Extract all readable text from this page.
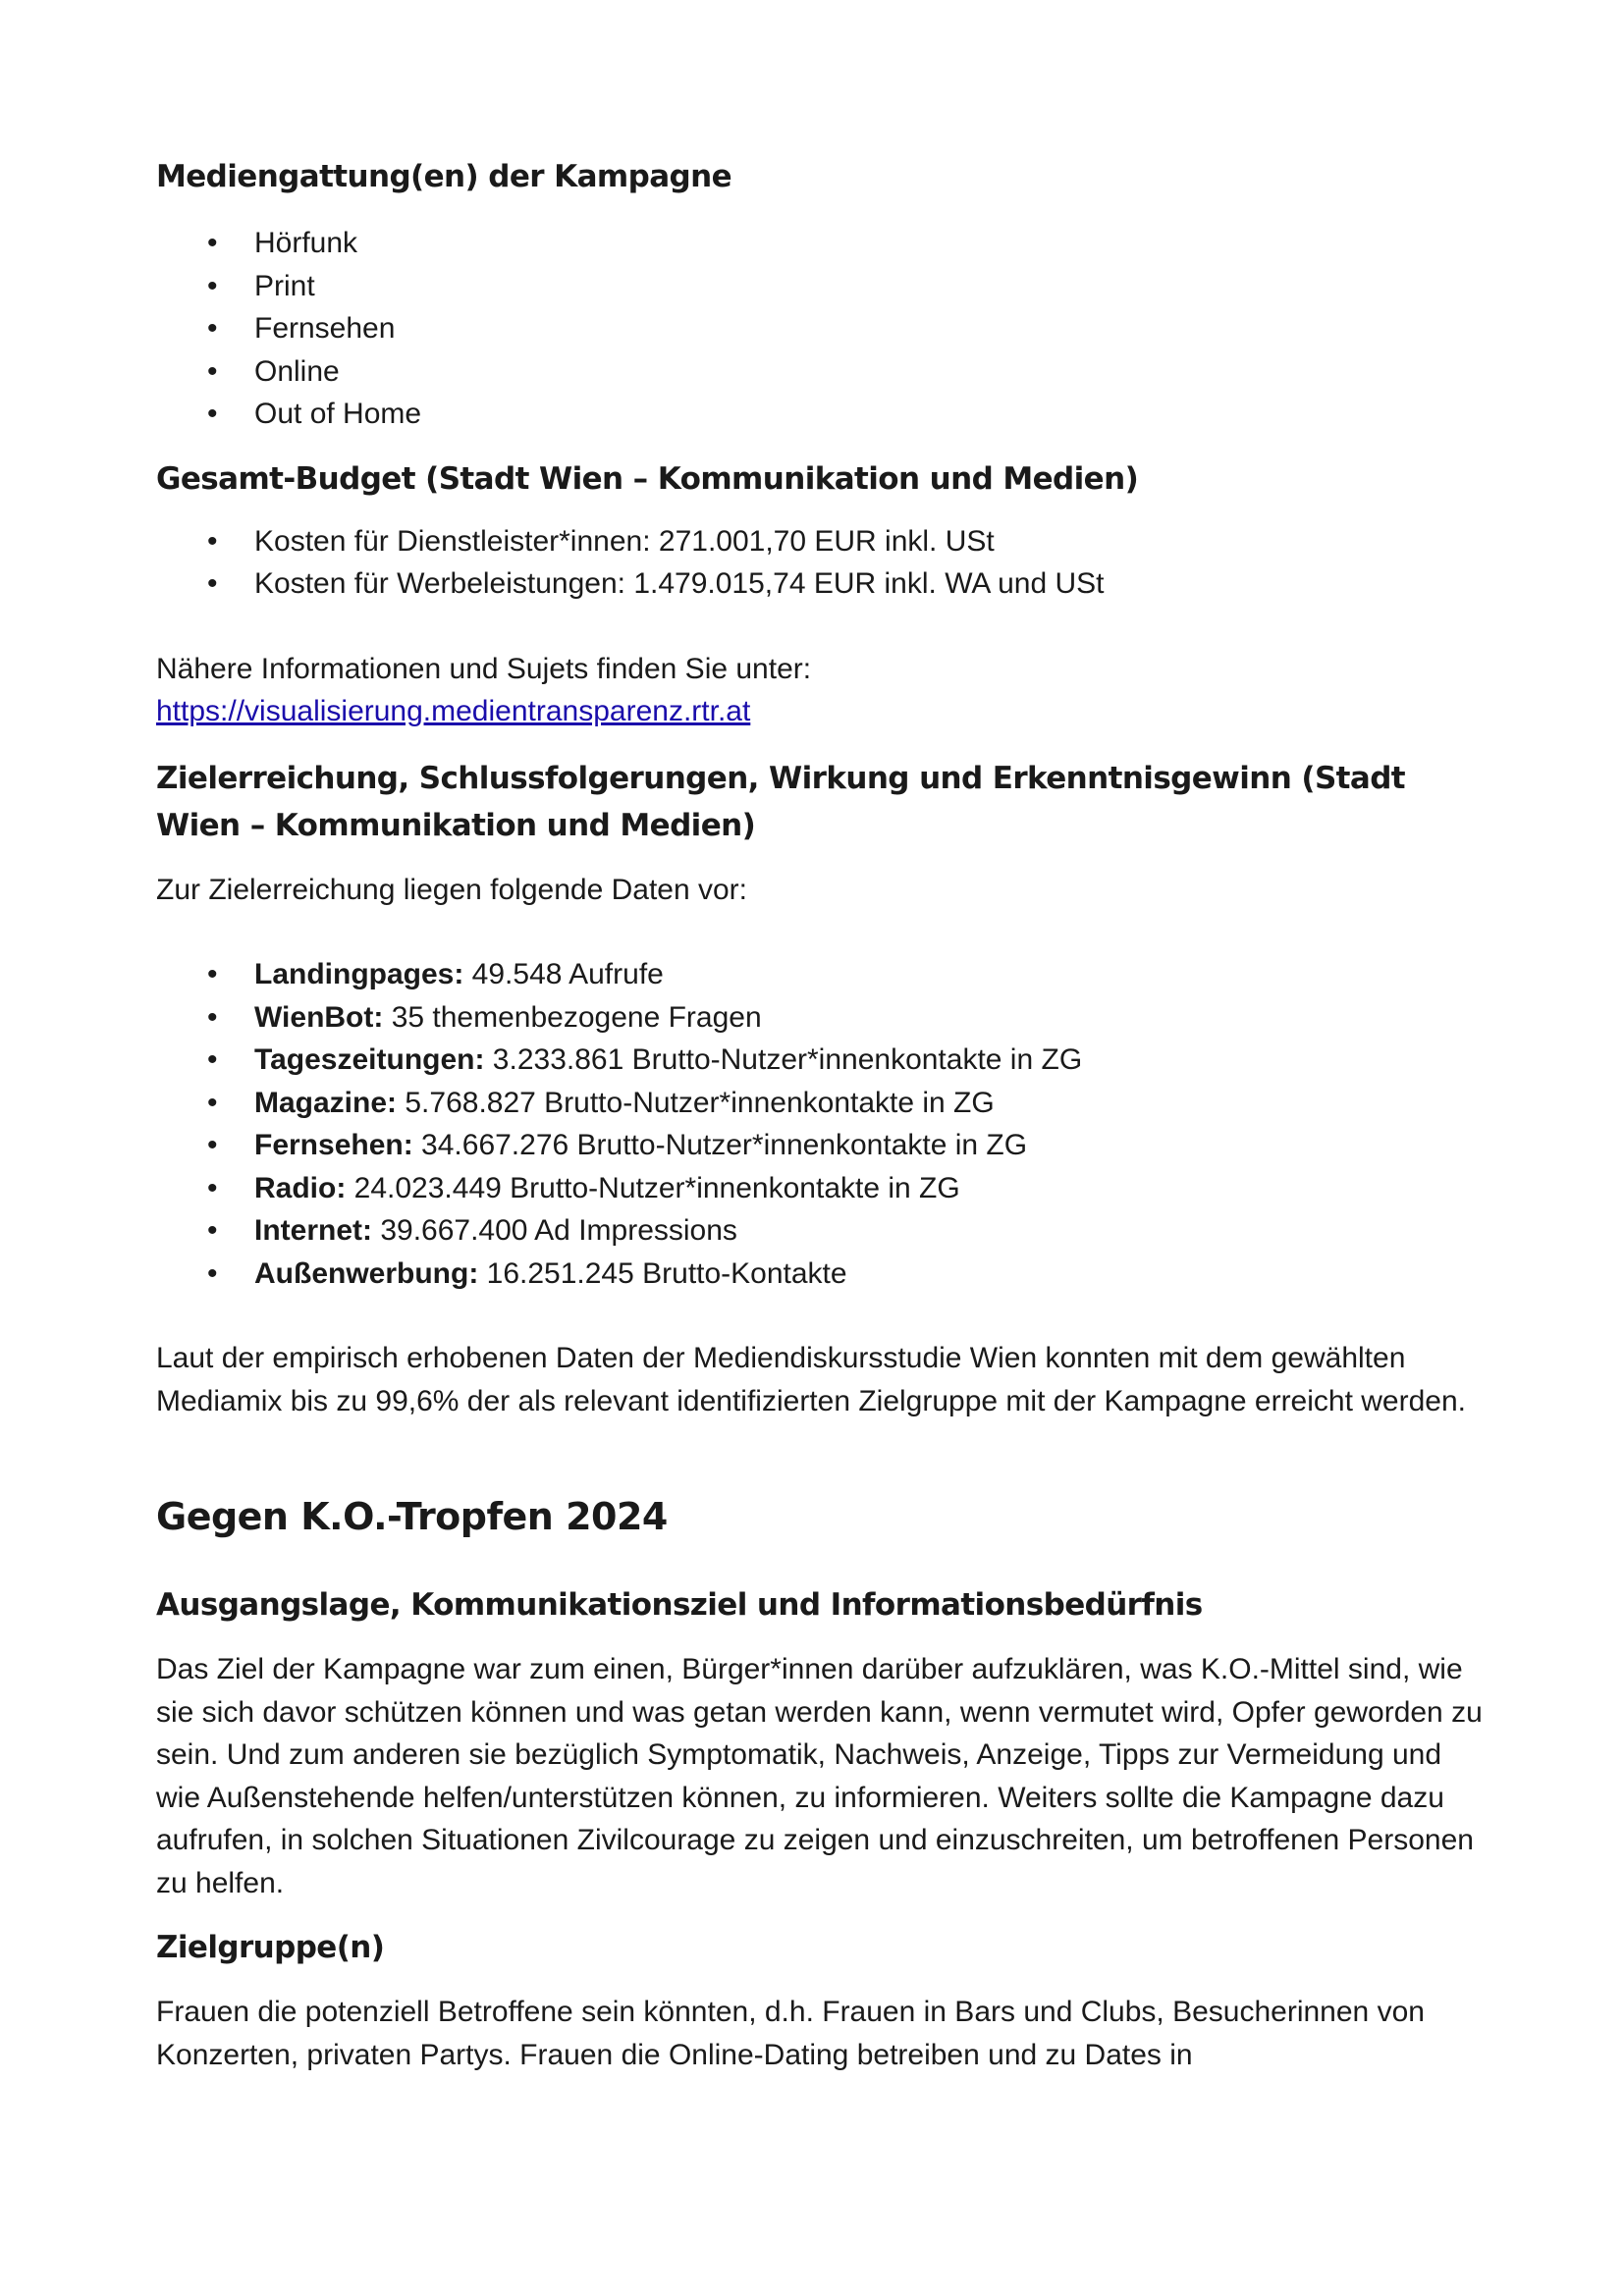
Mediengattung(en) der Kampagne
• Hörfunk
• Print
• Fernsehen
• Online
• Out of Home
Gesamt-Budget (Stadt Wien – Kommunikation und Medien)
• Kosten für Dienstleister*innen: 271.001,70 EUR inkl. USt
• Kosten für Werbeleistungen: 1.479.015,74 EUR inkl. WA und USt

Nähere Informationen und Sujets finden Sie unter:

https://visualisierung.medientransparenz.rtr.at

Zielerreichung, Schlussfolgerungen, Wirkung und Erkenntnisgewinn (Stadt Wien – Kommunikation und Medien)

Zur Zielerreichung liegen folgende Daten vor:

• Landingpages: 49.548 Aufrufe
• WienBot: 35 themenbezogene Fragen
• Tageszeitungen: 3.233.861 Brutto-Nutzer*innenkontakte in ZG
• Magazine: 5.768.827 Brutto-Nutzer*innenkontakte in ZG
• Fernsehen: 34.667.276 Brutto-Nutzer*innenkontakte in ZG
• Radio: 24.023.449 Brutto-Nutzer*innenkontakte in ZG
• Internet: 39.667.400 Ad Impressions
• Außenwerbung: 16.251.245 Brutto-Kontakte

Laut der empirisch erhobenen Daten der Mediendiskursstudie Wien konnten mit dem gewählten Mediamix bis zu 99,6% der als relevant identifizierten Zielgruppe mit der Kampagne erreicht werden.

Gegen K.O.-Tropfen 2024
Ausgangslage, Kommunikationsziel und Informationsbedürfnis

Das Ziel der Kampagne war zum einen, Bürger*innen darüber aufzuklären, was K.O.-Mittel sind, wie sie sich davor schützen können und was getan werden kann, wenn vermutet wird, Opfer geworden zu sein. Und zum anderen sie bezüglich Symptomatik, Nachweis, Anzeige, Tipps zur Vermeidung und wie Außenstehende helfen/unterstützen können, zu informieren. Weiters sollte die Kampagne dazu aufrufen, in solchen Situationen Zivilcourage zu zeigen und einzuschreiten, um betroffenen Personen zu helfen.

Zielgruppe(n)

Frauen die potenziell Betroffene sein könnten, d.h. Frauen in Bars und Clubs, Besucherinnen von Konzerten, privaten Partys. Frauen die Online-Dating betreiben und zu Dates in
